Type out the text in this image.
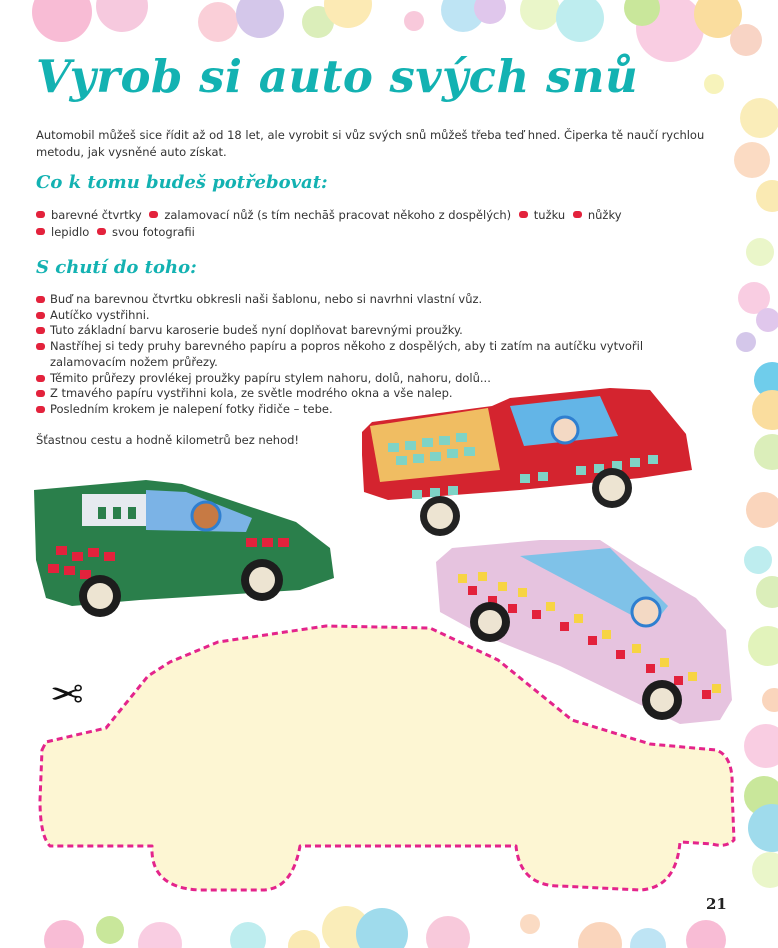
Vyrob si auto svých snů

Automobil můžeš sice řídit až od 18 let, ale vyrobit si vůz svých snů můžeš třeba teď hned. Čiperka tě naučí rychlou metodu, jak vysněné auto získat.

Co k tomu budeš potřebovat:
barevné čtvrtky zalamovací nůž (s tím nechāš pracovat někoho z dospělých) tužku nůžky
lepidlo svou fotografii
S chutí do toho:
Buď na barevnou čtvrtku obkresli naši šablonu, nebo si navrhni vlastní vůz.
Autíčko vystřihni.
Tuto základní barvu karoserie budeš nyní doplňovat barevnými proužky.
Nastříhej si tedy pruhy barevného papíru a popros někoho z dospělých, aby ti zatím na autíčku vytvořil zalamovacím nožem průřezy.
Těmito průřezy provlékej proužky papíru stylem nahoru, dolů, nahoru, dolů...
Z tmavého papíru vystřihni kola, ze světle modrého okna a vše nalep.
Posledním krokem je nalepení fotky řidiče – tebe.

Šťastnou cestu a hodně kilometrů bez nehod!

✂

21
